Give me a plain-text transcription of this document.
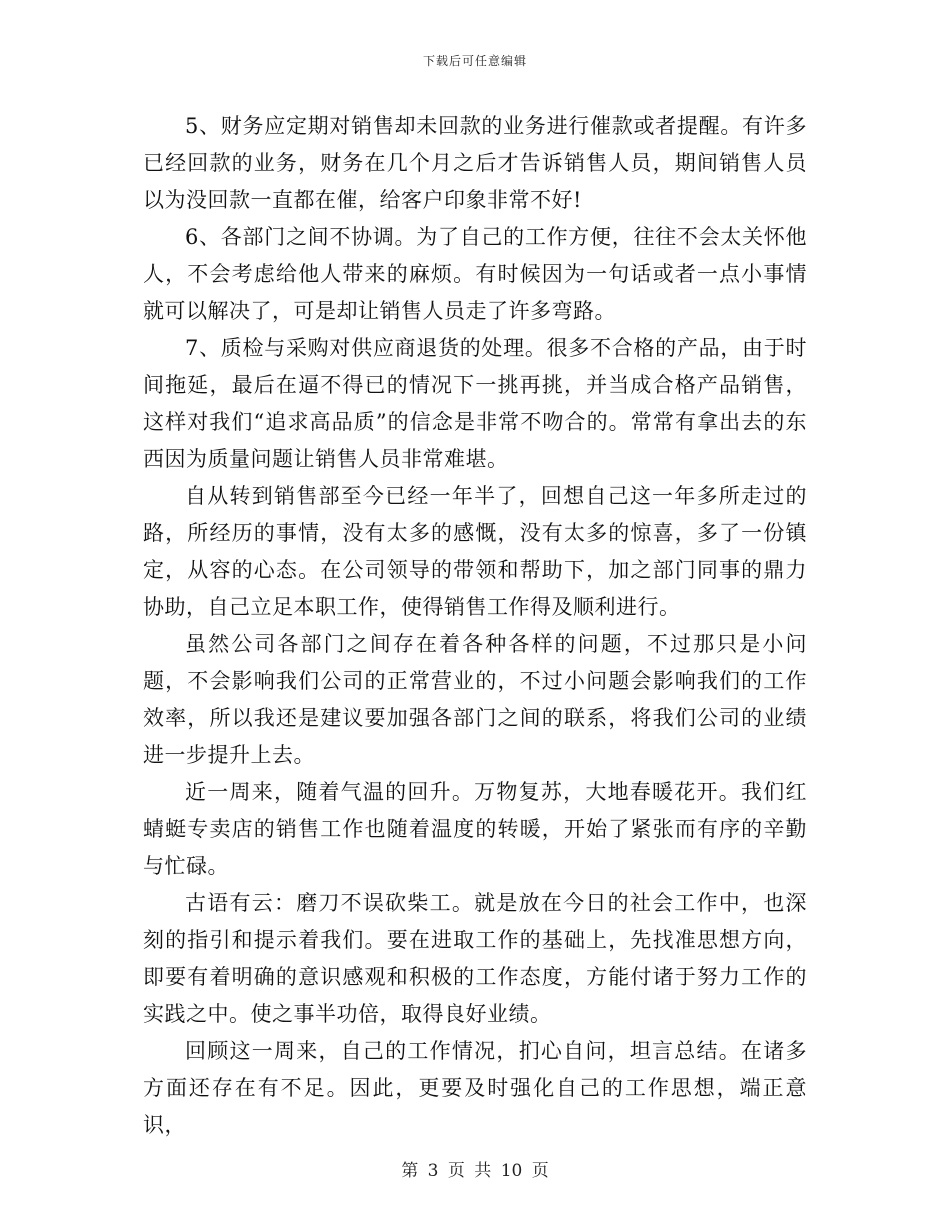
下载后可任意编辑

5、财务应定期对销售却未回款的业务进行催款或者提醒。有许多已经回款的业务，财务在几个月之后才告诉销售人员，期间销售人员以为没回款一直都在催，给客户印象非常不好!

6、各部门之间不协调。为了自己的工作方便，往往不会太关怀他人，不会考虑给他人带来的麻烦。有时候因为一句话或者一点小事情就可以解决了，可是却让销售人员走了许多弯路。

7、质检与采购对供应商退货的处理。很多不合格的产品，由于时间拖延，最后在逼不得已的情况下一挑再挑，并当成合格产品销售，这样对我们“追求高品质”的信念是非常不吻合的。常常有拿出去的东西因为质量问题让销售人员非常难堪。

自从转到销售部至今已经一年半了，回想自己这一年多所走过的路，所经历的事情，没有太多的感慨，没有太多的惊喜，多了一份镇定，从容的心态。在公司领导的带领和帮助下，加之部门同事的鼎力协助，自己立足本职工作，使得销售工作得及顺利进行。

虽然公司各部门之间存在着各种各样的问题，不过那只是小问题，不会影响我们公司的正常营业的，不过小问题会影响我们的工作效率，所以我还是建议要加强各部门之间的联系，将我们公司的业绩进一步提升上去。

近一周来，随着气温的回升。万物复苏，大地春暖花开。我们红蜻蜓专卖店的销售工作也随着温度的转暖，开始了紧张而有序的辛勤与忙碌。

古语有云：磨刀不误砍柴工。就是放在今日的社会工作中，也深刻的指引和提示着我们。要在进取工作的基础上，先找准思想方向，即要有着明确的意识感观和积极的工作态度，方能付诸于努力工作的实践之中。使之事半功倍，取得良好业绩。

回顾这一周来，自己的工作情况，扪心自问，坦言总结。在诸多方面还存在有不足。因此，更要及时强化自己的工作思想，端正意识，

第 3 页 共 10 页
